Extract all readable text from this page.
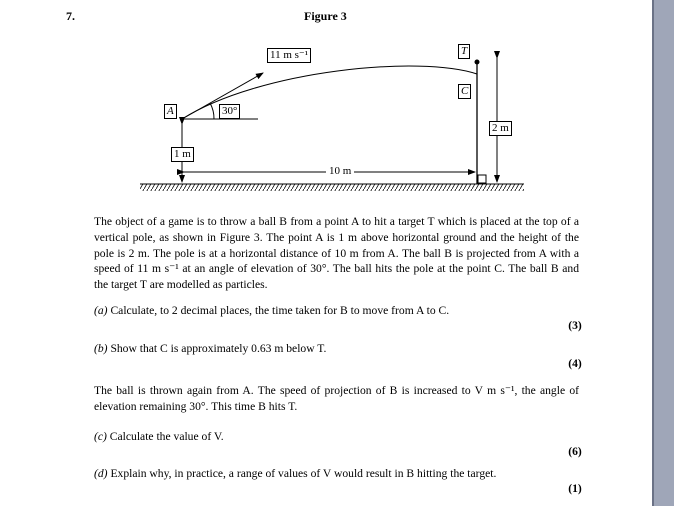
7.	Figure 3
11 m s⁻¹
30°
A
T
C
1 m
2 m
10 m
The object of a game is to throw a ball B from a point A to hit a target T which is placed at the top of a vertical pole, as shown in Figure 3. The point A is 1 m above horizontal ground and the height of the pole is 2 m. The pole is at a horizontal distance of 10 m from A. The ball B is projected from A with a speed of 11 m s⁻¹ at an angle of elevation of 30°. The ball hits the pole at the point C. The ball B and the target T are modelled as particles.
(a) Calculate, to 2 decimal places, the time taken for B to move from A to C.
(3)
(b) Show that C is approximately 0.63 m below T.
(4)
The ball is thrown again from A. The speed of projection of B is increased to V m s⁻¹, the angle of elevation remaining 30°. This time B hits T.
(c) Calculate the value of V.
(6)
(d) Explain why, in practice, a range of values of V would result in B hitting the target.
(1)
